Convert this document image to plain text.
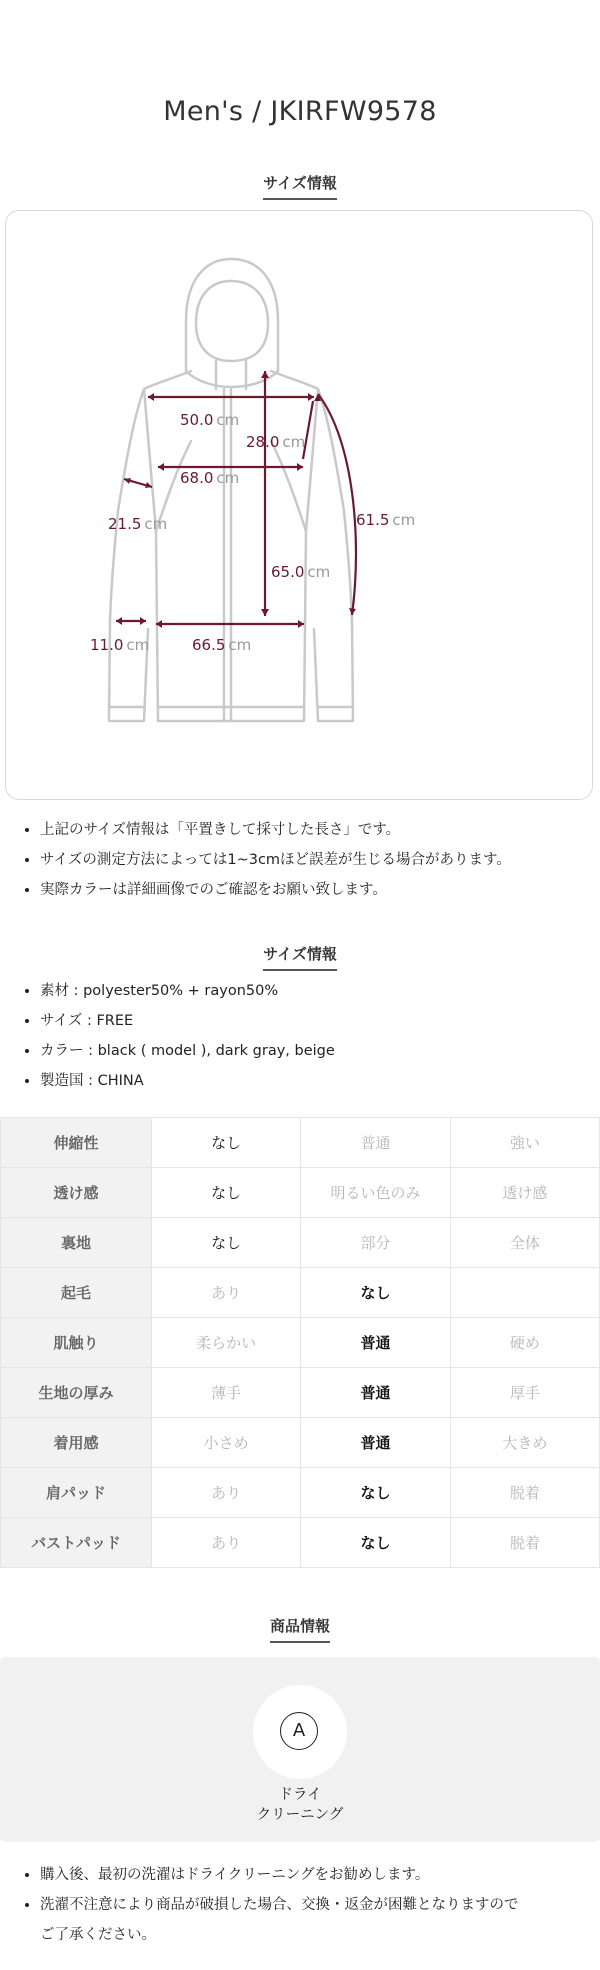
Men's / JKIRFW9578
サイズ情報
50.0 cm
28.0 cm
68.0 cm
21.5 cm	61.5 cm
65.0 cm
11.0 cm	66.5 cm
• 上記のサイズ情報は「平置きして採寸した長さ」です。
• サイズの測定方法によっては1~3cmほど誤差が生じる場合があります。
• 実際カラーは詳細画像でのご確認をお願い致します。
サイズ情報
• 素材 : polyester50% + rayon50%
• サイズ : FREE
• カラー : black ( model ), dark gray, beige
• 製造国 : CHINA
伸縮性	なし	普通	強い
透け感	なし	明るい色のみ	透け感
裏地	なし	部分	全体
起毛	あり	なし	
肌触り	柔らかい	普通	硬め
生地の厚み	薄手	普通	厚手
着用感	小さめ	普通	大きめ
肩パッド	あり	なし	脱着
バストパッド	あり	なし	脱着
商品情報
A
ドライ
クリーニング
• 購入後、最初の洗濯はドライクリーニングをお勧めします。
• 洗濯不注意により商品が破損した場合、交換・返金が困難となりますので
ご了承ください。
